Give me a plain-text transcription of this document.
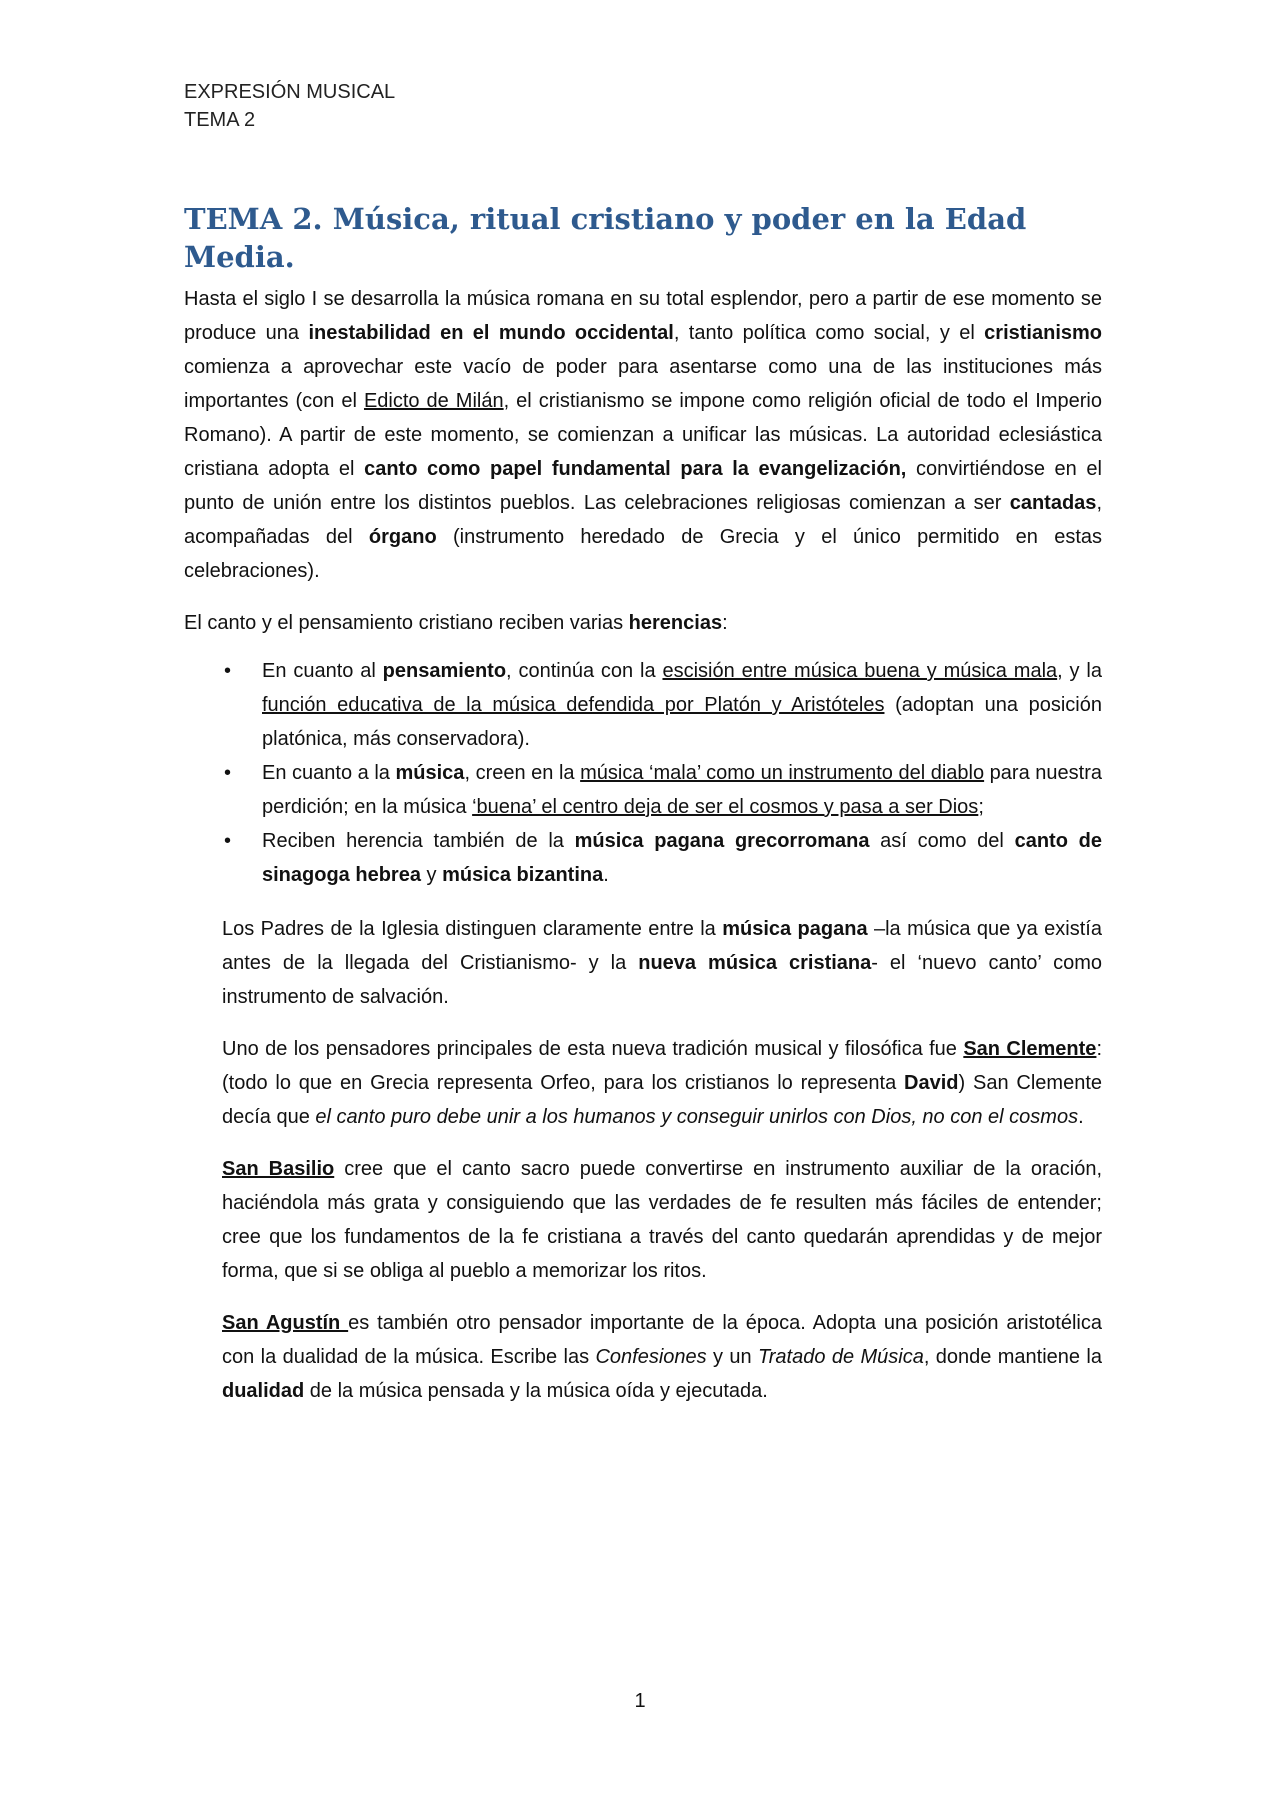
EXPRESIÓN MUSICAL
TEMA 2
TEMA 2. Música, ritual cristiano y poder en la Edad Media.

Hasta el siglo I se desarrolla la música romana en su total esplendor, pero a partir de ese momento se produce una inestabilidad en el mundo occidental, tanto política como social, y el cristianismo comienza a aprovechar este vacío de poder para asentarse como una de las instituciones más importantes (con el Edicto de Milán, el cristianismo se impone como religión oficial de todo el Imperio Romano). A partir de este momento, se comienzan a unificar las músicas. La autoridad eclesiástica cristiana adopta el canto como papel fundamental para la evangelización, convirtiéndose en el punto de unión entre los distintos pueblos. Las celebraciones religiosas comienzan a ser cantadas, acompañadas del órgano (instrumento heredado de Grecia y el único permitido en estas celebraciones).

El canto y el pensamiento cristiano reciben varias herencias:

• En cuanto al pensamiento, continúa con la escisión entre música buena y música mala, y la función educativa de la música defendida por Platón y Aristóteles (adoptan una posición platónica, más conservadora).
• En cuanto a la música, creen en la música ‘mala’ como un instrumento del diablo para nuestra perdición; en la música ‘buena’ el centro deja de ser el cosmos y pasa a ser Dios;
• Reciben herencia también de la música pagana grecorromana así como del canto de sinagoga hebrea y música bizantina.

Los Padres de la Iglesia distinguen claramente entre la música pagana –la música que ya existía antes de la llegada del Cristianismo- y la nueva música cristiana- el ‘nuevo canto’ como instrumento de salvación.

Uno de los pensadores principales de esta nueva tradición musical y filosófica fue San Clemente: (todo lo que en Grecia representa Orfeo, para los cristianos lo representa David) San Clemente decía que el canto puro debe unir a los humanos y conseguir unirlos con Dios, no con el cosmos.

San Basilio cree que el canto sacro puede convertirse en instrumento auxiliar de la oración, haciéndola más grata y consiguiendo que las verdades de fe resulten más fáciles de entender; cree que los fundamentos de la fe cristiana a través del canto quedarán aprendidas y de mejor forma, que si se obliga al pueblo a memorizar los ritos.

San Agustín es también otro pensador importante de la época. Adopta una posición aristotélica con la dualidad de la música. Escribe las Confesiones y un Tratado de Música, donde mantiene la dualidad de la música pensada y la música oída y ejecutada.

1
